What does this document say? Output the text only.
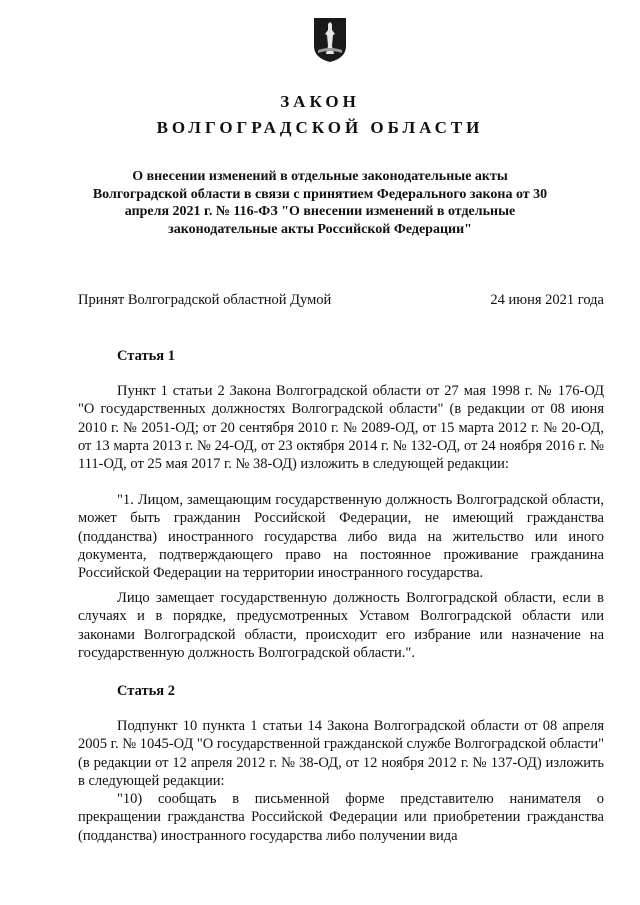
ЗАКОН
ВОЛГОГРАДСКОЙ ОБЛАСТИ
О внесении изменений в отдельные законодательные акты Волгоградской области в связи с принятием Федерального закона от 30 апреля 2021 г. № 116-ФЗ "О внесении изменений в отдельные законодательные акты Российской Федерации"
Принят Волгоградской областной Думой	24 июня 2021 года
Статья 1

Пункт 1 статьи 2 Закона Волгоградской области от 27 мая 1998 г. № 176-ОД "О государственных должностях Волгоградской области" (в редакции от 08 июня 2010 г. № 2051-ОД; от 20 сентября 2010 г. № 2089-ОД, от 15 марта 2012 г. № 20-ОД, от 13 марта 2013 г. № 24-ОД, от 23 октября 2014 г. № 132-ОД, от 24 ноября 2016 г. № 111-ОД, от 25 мая 2017 г. № 38-ОД) изложить в следующей редакции:

"1. Лицом, замещающим государственную должность Волгоградской области, может быть гражданин Российской Федерации, не имеющий гражданства (подданства) иностранного государства либо вида на жительство или иного документа, подтверждающего право на постоянное проживание гражданина Российской Федерации на территории иностранного государства.

Лицо замещает государственную должность Волгоградской области, если в случаях и в порядке, предусмотренных Уставом Волгоградской области или законами Волгоградской области, происходит его избрание или назначение на государственную должность Волгоградской области.".

Статья 2

Подпункт 10 пункта 1 статьи 14 Закона Волгоградской области от 08 апреля 2005 г. № 1045-ОД "О государственной гражданской службе Волгоградской области" (в редакции от 12 апреля 2012 г. № 38-ОД, от 12 ноября 2012 г. № 137-ОД) изложить в следующей редакции:

"10) сообщать в письменной форме представителю нанимателя о прекращении гражданства Российской Федерации или приобретении гражданства (подданства) иностранного государства либо получении вида
